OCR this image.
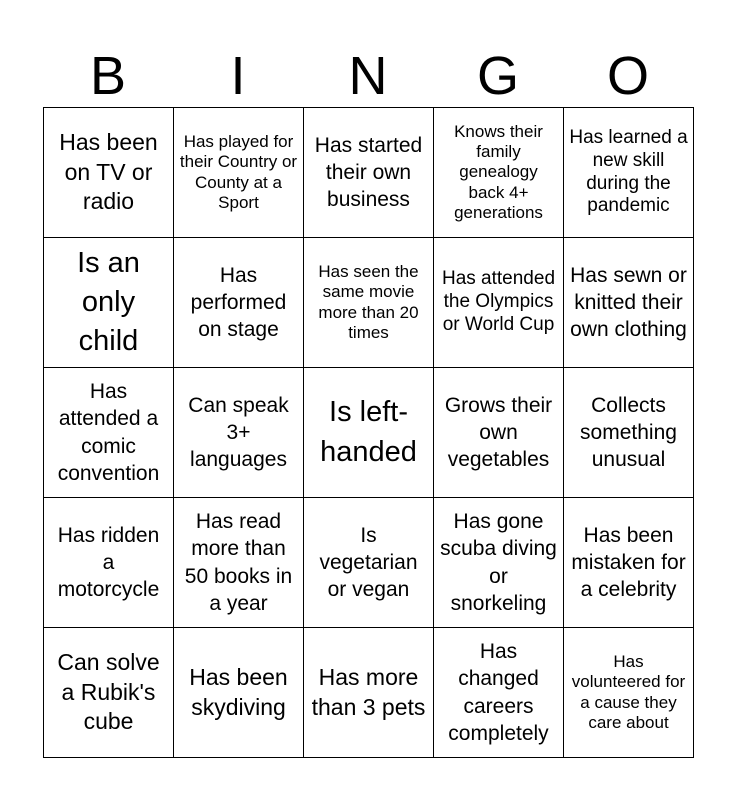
B	I	N	G	O
Has been on TV or radio
Has played for their Country or County at a Sport
Has started their own business
Knows their family genealogy back 4+ generations
Has learned a new skill during the pandemic
Is an only child
Has performed on stage
Has seen the same movie more than 20 times
Has attended the Olympics or World Cup
Has sewn or knitted their own clothing
Has attended a comic convention
Can speak 3+ languages
Is left-handed
Grows their own vegetables
Collects something unusual
Has ridden a motorcycle
Has read more than 50 books in a year
Is vegetarian or vegan
Has gone scuba diving or snorkeling
Has been mistaken for a celebrity
Can solve a Rubik's cube
Has been skydiving
Has more than 3 pets
Has changed careers completely
Has volunteered for a cause they care about
